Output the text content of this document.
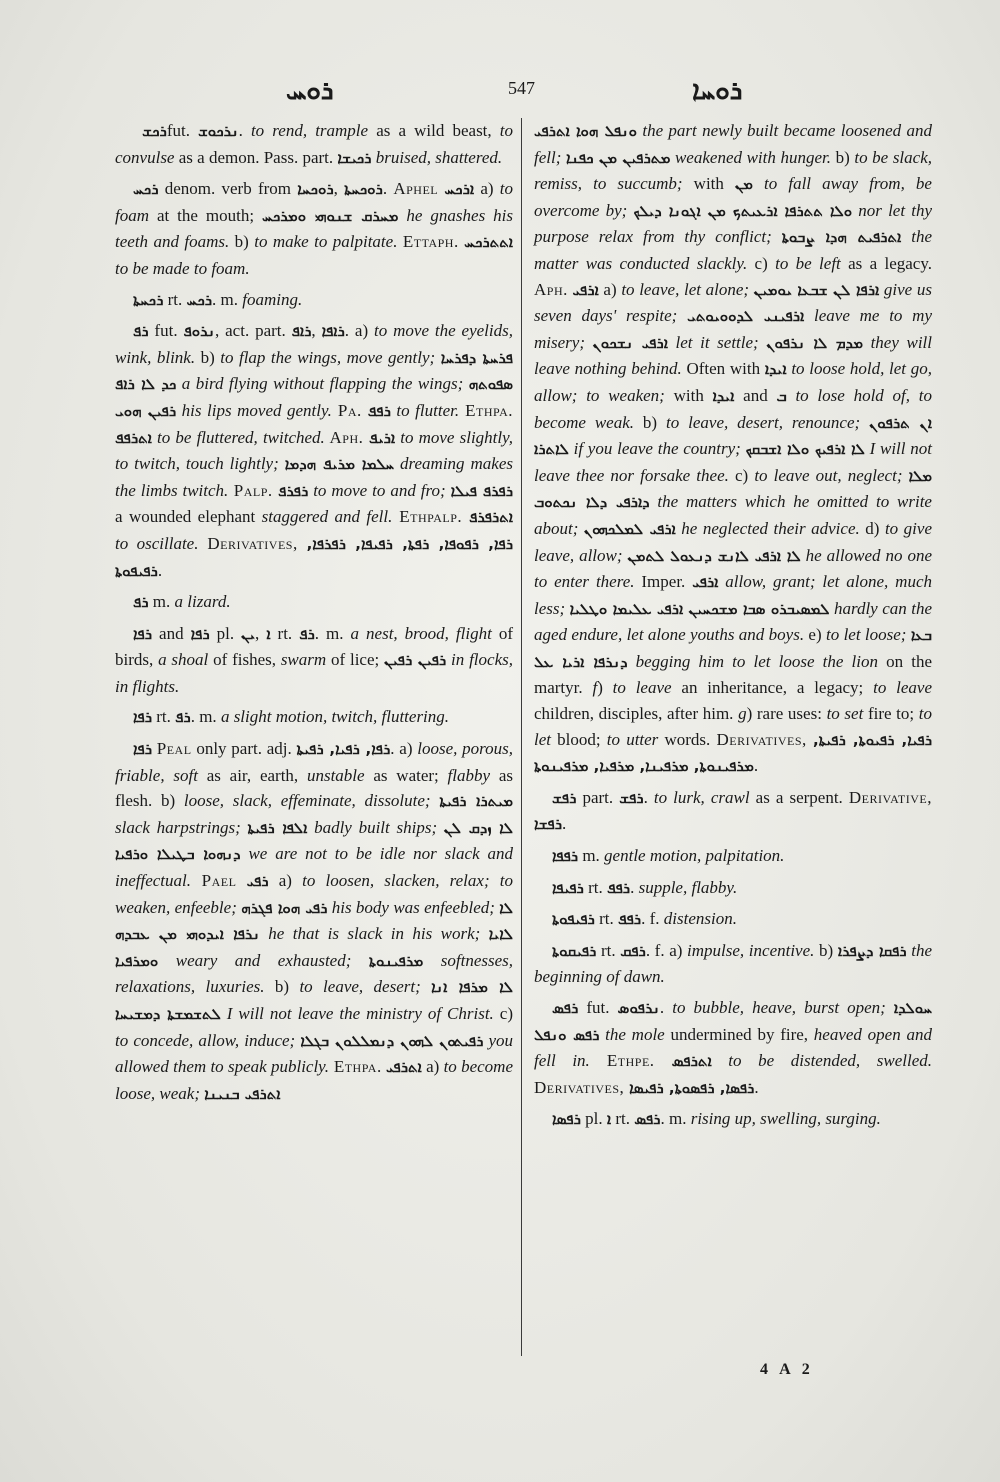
ܪܘܚ	547	ܪܘܚܐ

ܪܟܫ fut. ܢܪܟܘܫ. to rend, trample as a wild beast, to convulse as a demon. Pass. part. ܪܟܝܫܐ bruised, shattered.

ܪܟܚ denom. verb from ܪܘܟܚܐ, ܪܘܟܚܬܐ. Aphel ܐܪܟܚ a) to foam at the mouth; ܡܚܪܩ ܫܢܘܗܝ ܘܡܪܟܚ he gnashes his teeth and foams. b) to make to palpitate. Ettaph. ܐܬܬܪܟܚ to be made to foam.

ܪܟܚܬܐ rt. ܪܟܚ. m. foaming.

ܪܦ fut. ܢܪܘܦ, act. part. ܪܐܦ, ܪܐܦܐ. a) to move the eyelids, wink, blink. b) to flap the wings, move gently; ܦܪܚܬܐ ܕܦܪܚܐ ܟܕ ܠܐ ܪܐܦ a bird flying without flapping the wings; ܣܦܘܬܗ ܪܦܝܢ ܗܘܝ his lips moved gently. Pa. ܪܦܦ to flutter. Ethpa. ܐܬܪܦܦ to be fluttered, twitched. Aph. ܐܪܝܦ to move slightly, to twitch, touch lightly; ܚܠܡܐ ܡܪܝܦ ܗܕܡܐ dreaming makes the limbs twitch. Palp. ܪܦܪܦ to move to and fro; ܪܦܪܦ ܦܝܠܐ a wounded elephant staggered and fell. Ethpalp. ܐܬܪܦܪܦ to oscillate. Derivatives, ܪܦܐ, ܪܦܘܦܐ, ܪܦܬܐ, ܪܦܝܦܐ, ܪܦܪܦܐ, ܪܦܝܦܘܬܐ.

ܪܦ m. a lizard.

ܪܦܐ and ܪܦܐ pl. ܝܢ, ܐ rt. ܪܦ. m. a nest, brood, flight of birds, a shoal of fishes, swarm of lice; ܪܦܝܢ ܪܦܝܢ in flocks, in flights.

ܪܦܐ rt. ܪܦ. m. a slight motion, twitch, fluttering.

ܪܦܐ Peal only part. adj. ܪܦܐ, ܪܦܝܐ, ܪܦܝܬܐ. a) loose, porous, friable, soft as air, earth, unstable as water; flabby as flesh. b) loose, slack, effeminate, dissolute; ܡܝܬܪܐ ܪܦܝܬܐ slack harpstrings; ܐܠܦܐ ܪܦܝܬܐ badly built ships; ܠܐ ܙܕܩ ܠܢ ܕܢܗܘܐ ܒܛܝܠܐ ܘܪܦܝܐ we are not to be idle nor slack and ineffectual. Pael ܪܦܝ a) to loosen, slacken, relax; to weaken, enfeeble; ܪܦܝ ܗܘܐ ܦܓܪܗ his body was enfeebled; ܠܐ ܢܪܦܐ ܐܝܕܘܗܝ ܡܢ ܥܒܕܗ he that is slack in his work; ܠܐܝܐ ܘܡܪܦܝܐ weary and exhausted; ܡܪܦܝܢܘܬܐ softnesses, relaxations, luxuries. b) to leave, desert; ܠܐ ܡܪܦܐ ܐܢܐ ܠܬܫܡܫܬܐ ܕܡܫܝܚܐ I will not leave the ministry of Christ. c) to concede, allow, induce; ܪܦܝܬܘܢ ܠܗܘܢ ܕܢܡܠܠܘܢ ܒܓܠܐ you allowed them to speak publicly. Ethpa. ܐܬܪܦܝ a) to become loose, weak; ܐܬܪܦܝ ܒܢܝܢܐ

ܘܢܦܠ ܗܘܐ ܐܬܪܦܝ the part newly built became loosened and fell; ܡܬܪܦܝܢ ܡܢ ܟܦܢܐ weakened with hunger. b) to be slack, remiss, to succumb; with ܡܢ to fall away from, be overcome by; ܘܠܐ ܬܬܪܦܐ ܐܪܥܝܬܟ ܡܢ ܐܓܘܢܐ ܕܝܠܟ nor let thy purpose relax from thy conflict; ܐܬܪܦܝܬ ܗܕܐ ܨܒܘܬܐ the matter was conducted slackly. c) to be left as a legacy. Aph. ܐܪܦܝ a) to leave, let alone; ܐܪܦܐ ܠܢ ܫܒܥܐ ܝܘܡܝܢ give us seven days' respite; ܐܪܦܝܢܝ ܠܕܘܘܝܘܬܝ leave me to my misery; ܐܪܦܝ ܢܫܟܘܢ let it settle; ܡܕܡ ܠܐ ܢܪܦܘܢ they will leave nothing behind. Often with ܐܝܕܐ to loose hold, let go, allow; to weaken; with ܐܝܕܐ and ܒ to lose hold of, to become weak. b) to leave, desert, renounce; ܐܢ ܬܪܦܘܢ ܠܐܬܪܐ if you leave the country; ܠܐ ܐܪܦܝܟ ܘܠܐ ܐܫܒܩܟ I will not leave thee nor forsake thee. c) to leave out, neglect; ܡܠܐ ܕܐܪܦܝ ܕܠܐ ܢܟܬܘܒ the matters which he omitted to write about; ܐܪܦܝ ܠܡܠܟܗܘܢ he neglected their advice. d) to give leave, allow; ܠܐ ܐܪܦܝ ܠܐܢܫ ܕܢܥܘܠ ܠܬܡܢ he allowed no one to enter there. Imper. ܐܪܦܝ allow, grant; let alone, much less; ܠܡܣܝܒܪܘ ܣܒܐ ܡܫܟܚܝܢ ܐܪܦܝ ܥܠܝܡܐ ܘܛܠܝܐ hardly can the aged endure, let alone youths and boys. e) to let loose; ܒܥܐ ܕܢܪܦܐ ܐܪܝܐ ܥܠ begging him to let loose the lion on the martyr. f) to leave an inheritance, a legacy; to leave children, disciples, after him. g) rare uses: to set fire to; to let blood; to utter words. Derivatives, ܪܦܝܐ, ܪܦܝܘܬܐ, ܪܦܝܬܐ, ܡܪܦܝܢܘܬܐ, ܡܪܦܝܢܐ, ܡܪܦܝܐ, ܡܪܦܝܢܘܬܐ.

ܪܦܫ part. ܪܦܫ. to lurk, crawl as a serpent. Derivative, ܪܦܫܐ.

ܪܦܦܐ m. gentle motion, palpitation.

ܪܦܝܦܐ rt. ܪܦܦ. supple, flabby.

ܪܦܝܦܘܬܐ rt. ܪܦܦ. f. distension.

ܪܦܝܩܘܬܐ rt. ܪܦܩ. f. a) impulse, incentive. b) ܪܦܩܐ ܕܨܦܪܐ the beginning of dawn.

ܪܦܣ fut. ܢܪܦܘܣ. to bubble, heave, burst open; ܚܘܠܕܐ ܪܦܣ ܘܢܦܠ the mole undermined by fire, heaved open and fell in. Ethpe. ܐܬܪܦܣ to be distended, swelled. Derivatives, ܪܦܣܐ, ܪܦܣܘܬܐ, ܪܦܝܣܐ.

ܪܦܣܐ pl. ܐ rt. ܪܦܣ. m. rising up, swelling, surging.

4 A 2
